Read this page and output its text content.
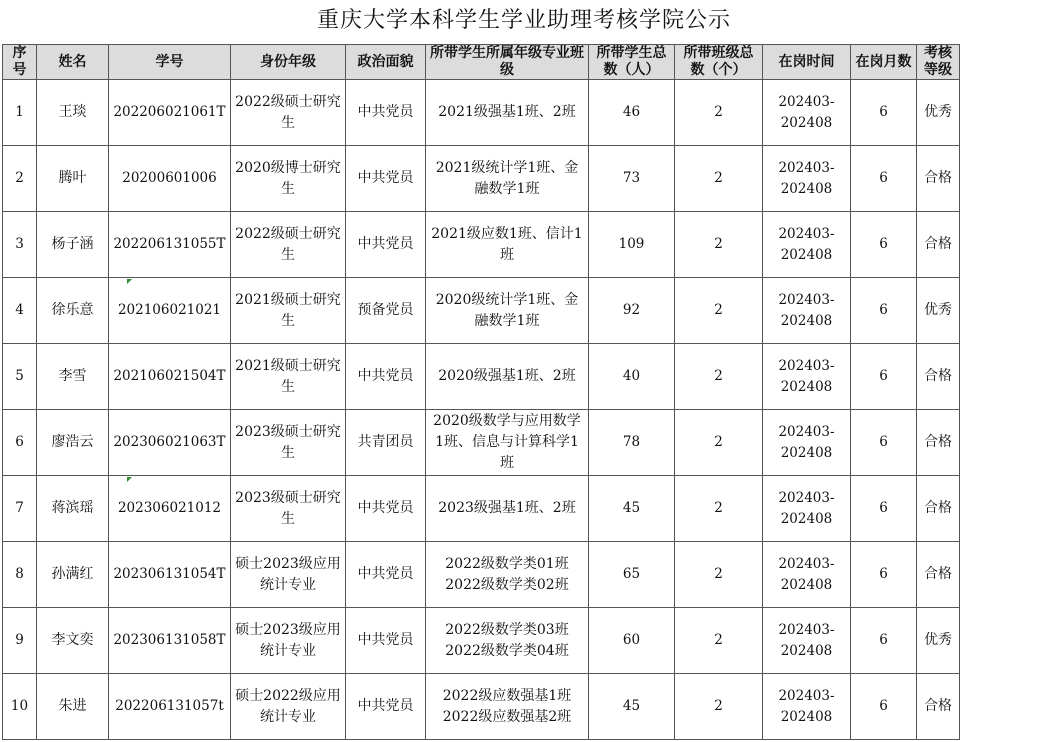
重庆大学本科学生学业助理考核学院公示
序号	姓名	学号	身份年级	政治面貌	所带学生所属年级专业班级	所带学生总数（人）	所带班级总数（个）	在岗时间	在岗月数	考核等级
1	王琰	202206021061T	2022级硕士研究生	中共党员	2021级强基1班、2班	46	2	202403-202408	6	优秀
2	腾叶	20200601006	2020级博士研究生	中共党员	2021级统计学1班、金融数学1班	73	2	202403-202408	6	合格
3	杨子涵	202206131055T	2022级硕士研究生	中共党员	2021级应数1班、信计1班	109	2	202403-202408	6	合格
4	徐乐意	202106021021	2021级硕士研究生	预备党员	2020级统计学1班、金融数学1班	92	2	202403-202408	6	优秀
5	李雪	202106021504T	2021级硕士研究生	中共党员	2020级强基1班、2班	40	2	202403-202408	6	合格
6	廖浩云	202306021063T	2023级硕士研究生	共青团员	2020级数学与应用数学1班、信息与计算科学1班	78	2	202403-202408	6	合格
7	蒋滨瑶	202306021012	2023级硕士研究生	中共党员	2023级强基1班、2班	45	2	202403-202408	6	合格
8	孙满红	202306131054T	硕士2023级应用统计专业	中共党员	2022级数学类01班 2022级数学类02班	65	2	202403-202408	6	合格
9	李文奕	202306131058T	硕士2023级应用统计专业	中共党员	2022级数学类03班 2022级数学类04班	60	2	202403-202408	6	优秀
10	朱进	202206131057t	硕士2022级应用统计专业	中共党员	2022级应数强基1班 2022级应数强基2班	45	2	202403-202408	6	合格
